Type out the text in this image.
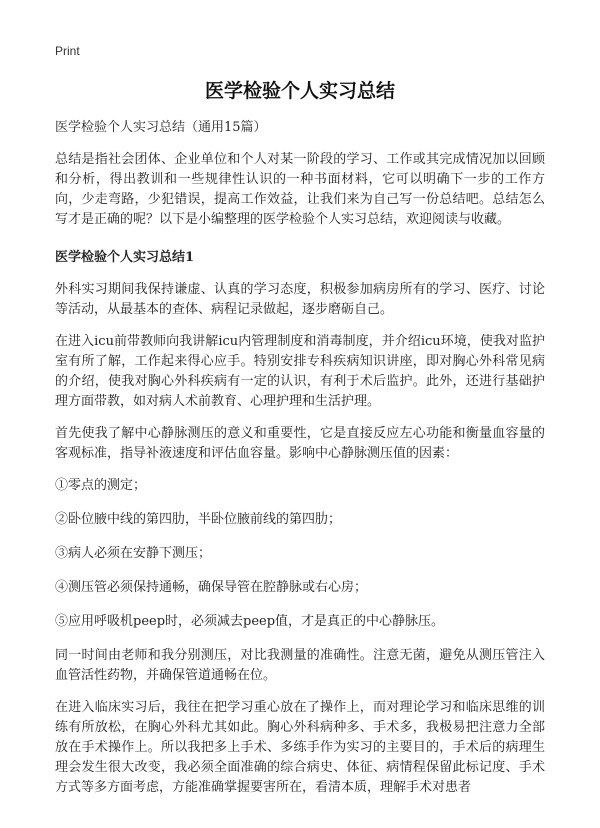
Print
医学检验个人实习总结

医学检验个人实习总结（通用15篇）

总结是指社会团体、企业单位和个人对某一阶段的学习、工作或其完成情况加以回顾和分析，得出教训和一些规律性认识的一种书面材料，它可以明确下一步的工作方向，少走弯路，少犯错误，提高工作效益，让我们来为自己写一份总结吧。总结怎么写才是正确的呢？以下是小编整理的医学检验个人实习总结，欢迎阅读与收藏。

医学检验个人实习总结1

外科实习期间我保持谦虚、认真的学习态度，积极参加病房所有的学习、医疗、讨论等活动，从最基本的查体、病程记录做起，逐步磨砺自己。

在进入icu前带教师向我讲解icu内管理制度和消毒制度，并介绍icu环境，使我对监护室有所了解，工作起来得心应手。特别安排专科疾病知识讲座，即对胸心外科常见病的介绍，使我对胸心外科疾病有一定的认识，有利于术后监护。此外，还进行基础护理方面带教，如对病人术前教育、心理护理和生活护理。

首先使我了解中心静脉测压的意义和重要性，它是直接反应左心功能和衡量血容量的客观标准，指导补液速度和评估血容量。影响中心静脉测压值的因素：

①零点的测定；

②卧位腋中线的第四肋，半卧位腋前线的第四肋；

③病人必须在安静下测压；

④测压管必须保持通畅，确保导管在腔静脉或右心房；

⑤应用呼吸机peep时，必须减去peep值，才是真正的中心静脉压。

同一时间由老师和我分别测压，对比我测量的准确性。注意无菌，避免从测压管注入血管活性药物，并确保管道通畅在位。

在进入临床实习后，我往在把学习重心放在了操作上，而对理论学习和临床思维的训练有所放松，在胸心外科尤其如此。胸心外科病种多、手术多，我极易把注意力全部放在手术操作上。所以我把多上手术、多练手作为实习的主要目的，手术后的病理生理会发生很大改变，我必须全面准确的综合病史、体征、病情程保留此标记度、手术方式等多方面考虑，方能准确掌握要害所在，看清本质，理解手术对患者
